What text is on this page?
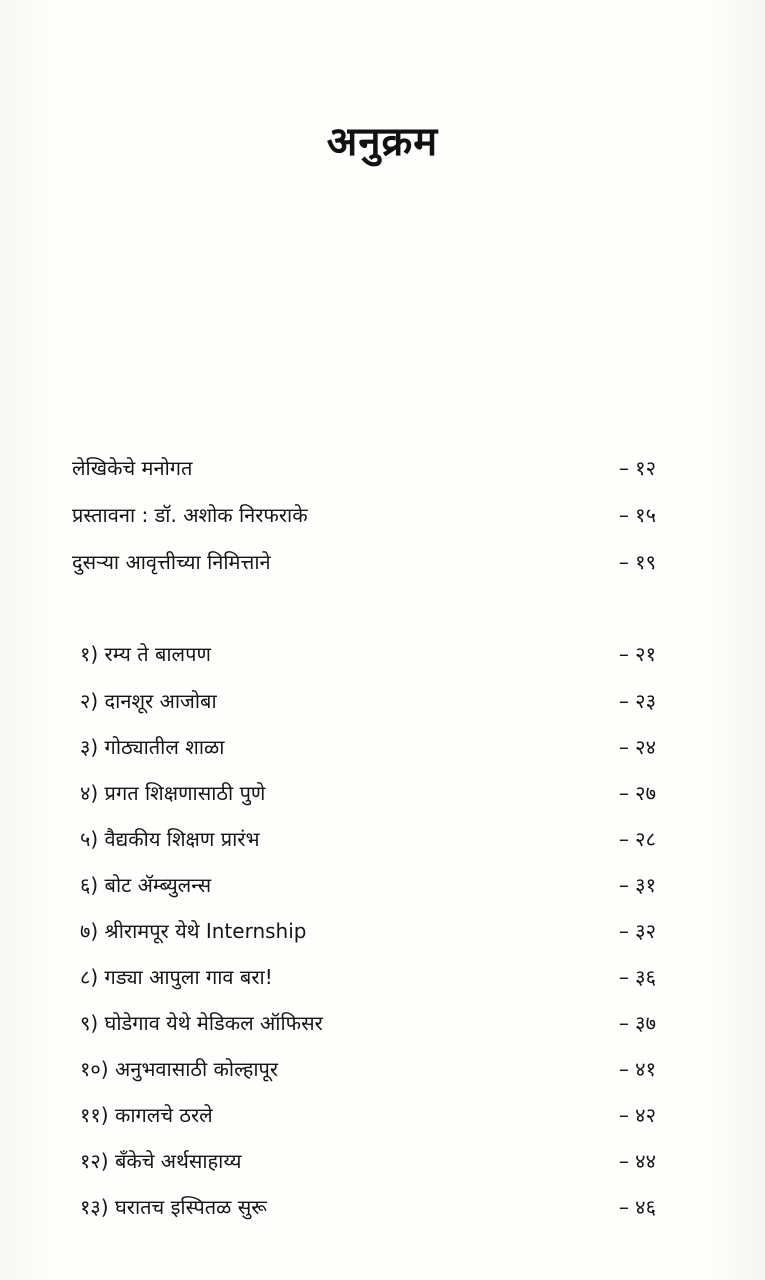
अनुक्रम
लेखिकेचे मनोगत	– १२
प्रस्तावना : डॉ. अशोक निरफराके	– १५
दुसऱ्या आवृत्तीच्या निमित्ताने	– १९
१) रम्य ते बालपण	– २१
२) दानशूर आजोबा	– २३
३) गोठ्यातील शाळा	– २४
४) प्रगत शिक्षणासाठी पुणे	– २७
५) वैद्यकीय शिक्षण प्रारंभ	– २८
६) बोट ॲम्ब्युलन्स	– ३१
७) श्रीरामपूर येथे Internship	– ३२
८) गड्या आपुला गाव बरा!	– ३६
९) घोडेगाव येथे मेडिकल ऑफिसर	– ३७
१०) अनुभवासाठी कोल्हापूर	– ४१
११) कागलचे ठरले	– ४२
१२) बँकेचे अर्थसाहाय्य	– ४४
१३) घरातच इस्पितळ सुरू	– ४६
